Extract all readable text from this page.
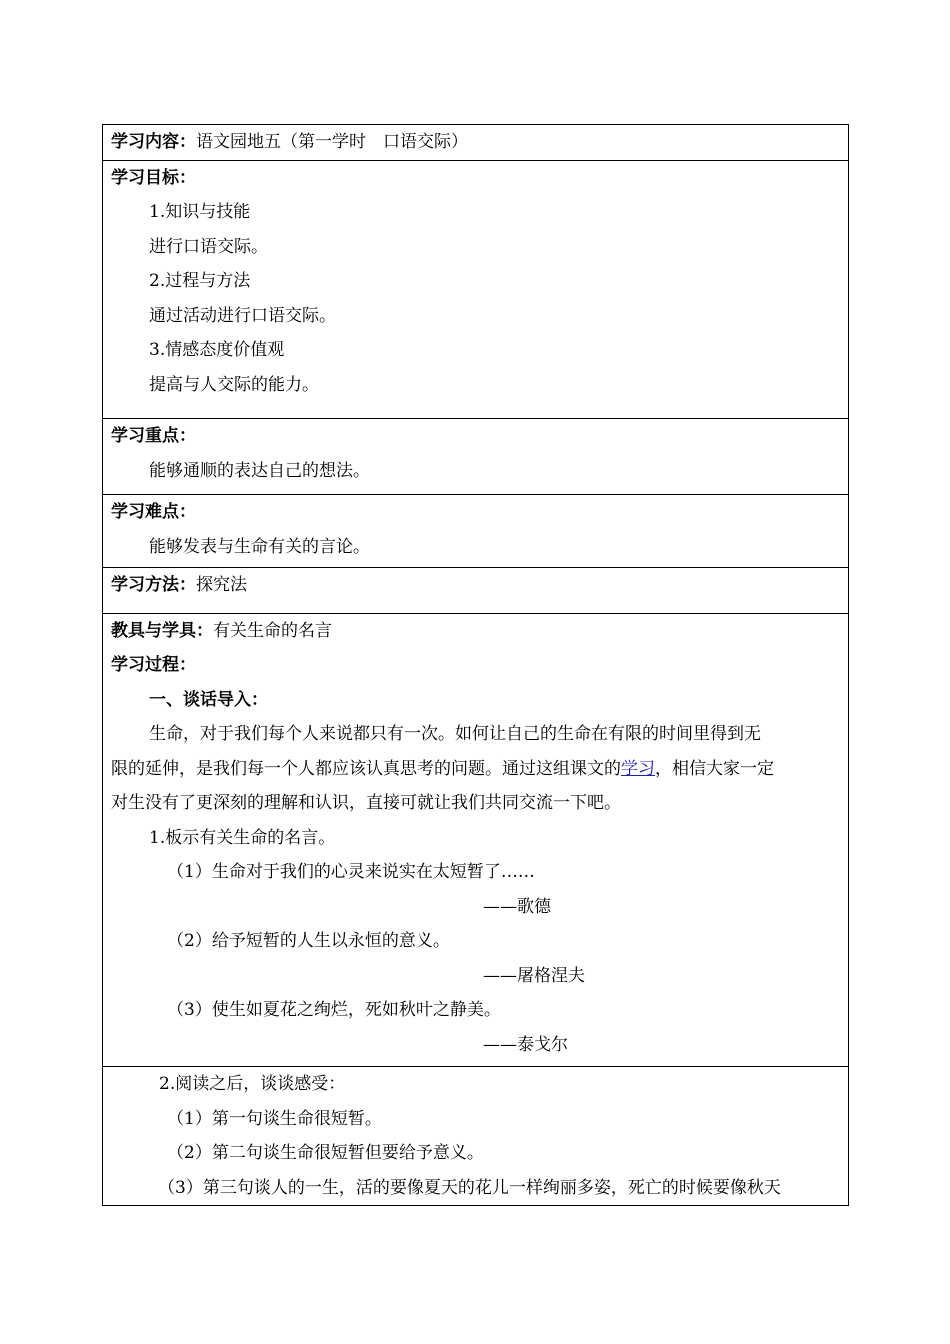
学习内容：语文园地五（第一学时　口语交际）

学习目标：
1.知识与技能
进行口语交际。
2.过程与方法
通过活动进行口语交际。
3.情感态度价值观
提高与人交际的能力。

学习重点：
能够通顺的表达自己的想法。

学习难点：
能够发表与生命有关的言论。

学习方法：探究法

教具与学具：有关生命的名言
学习过程：
一、谈话导入：
生命，对于我们每个人来说都只有一次。如何让自己的生命在有限的时间里得到无
限的延伸，是我们每一个人都应该认真思考的问题。通过这组课文的学习，相信大家一定
对生没有了更深刻的理解和认识，直接可就让我们共同交流一下吧。
1.板示有关生命的名言。
（1）生命对于我们的心灵来说实在太短暂了……
——歌德
（2）给予短暂的人生以永恒的意义。
——屠格涅夫
（3）使生如夏花之绚烂，死如秋叶之静美。
——泰戈尔

2.阅读之后，谈谈感受：
（1）第一句谈生命很短暂。
（2）第二句谈生命很短暂但要给予意义。
（3）第三句谈人的一生，活的要像夏天的花儿一样绚丽多姿，死亡的时候要像秋天
